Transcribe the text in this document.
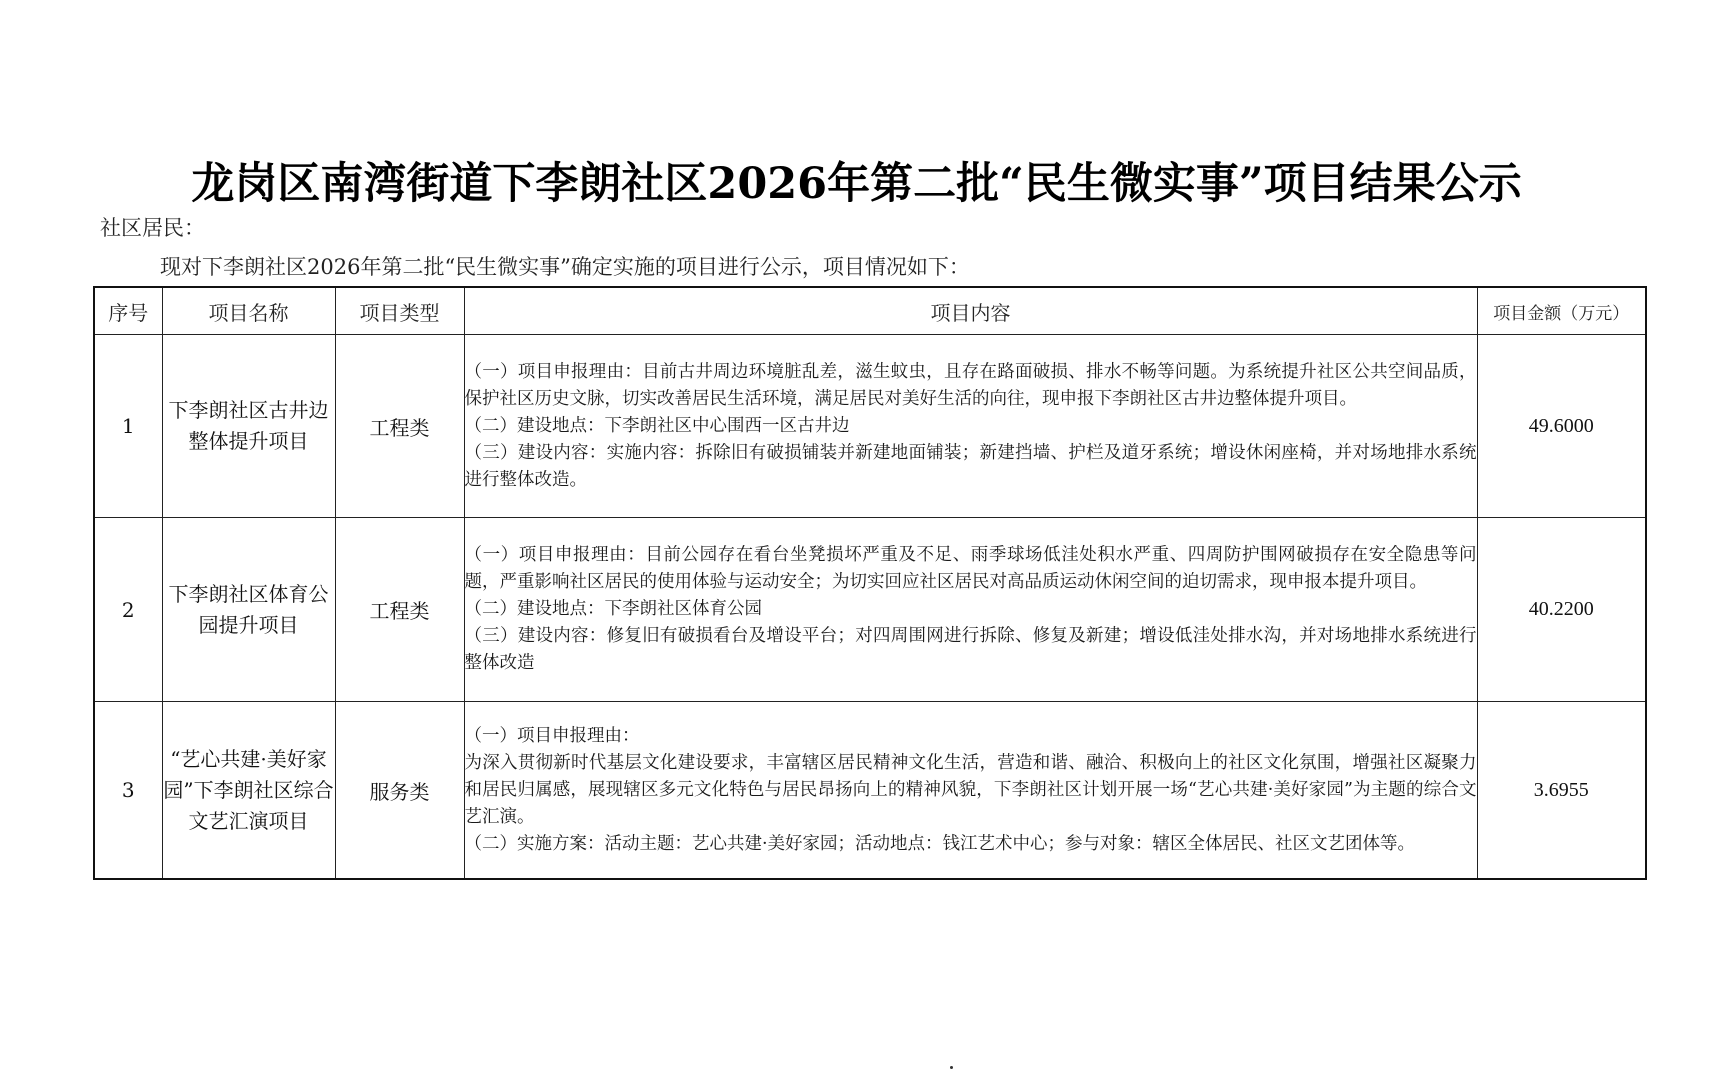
龙岗区南湾街道下李朗社区2026年第二批“民生微实事”项目结果公示
社区居民：
现对下李朗社区2026年第二批“民生微实事”确定实施的项目进行公示，项目情况如下：
序号	项目名称	项目类型	项目内容	项目金额（万元）
1	下李朗社区古井边整体提升项目	工程类	（一）项目申报理由：目前古井周边环境脏乱差，滋生蚊虫，且存在路面破损、排水不畅等问题。为系统提升社区公共空间品质，保护社区历史文脉，切实改善居民生活环境，满足居民对美好生活的向往，现申报下李朗社区古井边整体提升项目。

（二）建设地点：下李朗社区中心围西一区古井边

（三）建设内容：实施内容：拆除旧有破损铺装并新建地面铺装；新建挡墙、护栏及道牙系统；增设休闲座椅，并对场地排水系统进行整体改造。	49.6000
2	下李朗社区体育公园提升项目	工程类	（一）项目申报理由：目前公园存在看台坐凳损坏严重及不足、雨季球场低洼处积水严重、四周防护围网破损存在安全隐患等问题，严重影响社区居民的使用体验与运动安全；为切实回应社区居民对高品质运动休闲空间的迫切需求，现申报本提升项目。

（二）建设地点：下李朗社区体育公园

（三）建设内容：修复旧有破损看台及增设平台；对四周围网进行拆除、修复及新建；增设低洼处排水沟，并对场地排水系统进行整体改造	40.2200
3	“艺心共建·美好家园”下李朗社区综合文艺汇演项目	服务类	（一）项目申报理由：

为深入贯彻新时代基层文化建设要求，丰富辖区居民精神文化生活，营造和谐、融洽、积极向上的社区文化氛围，增强社区凝聚力和居民归属感，展现辖区多元文化特色与居民昂扬向上的精神风貌，下李朗社区计划开展一场“艺心共建·美好家园”为主题的综合文艺汇演。

（二）实施方案：活动主题：艺心共建·美好家园；活动地点：钱江艺术中心；参与对象：辖区全体居民、社区文艺团体等。	3.6955
